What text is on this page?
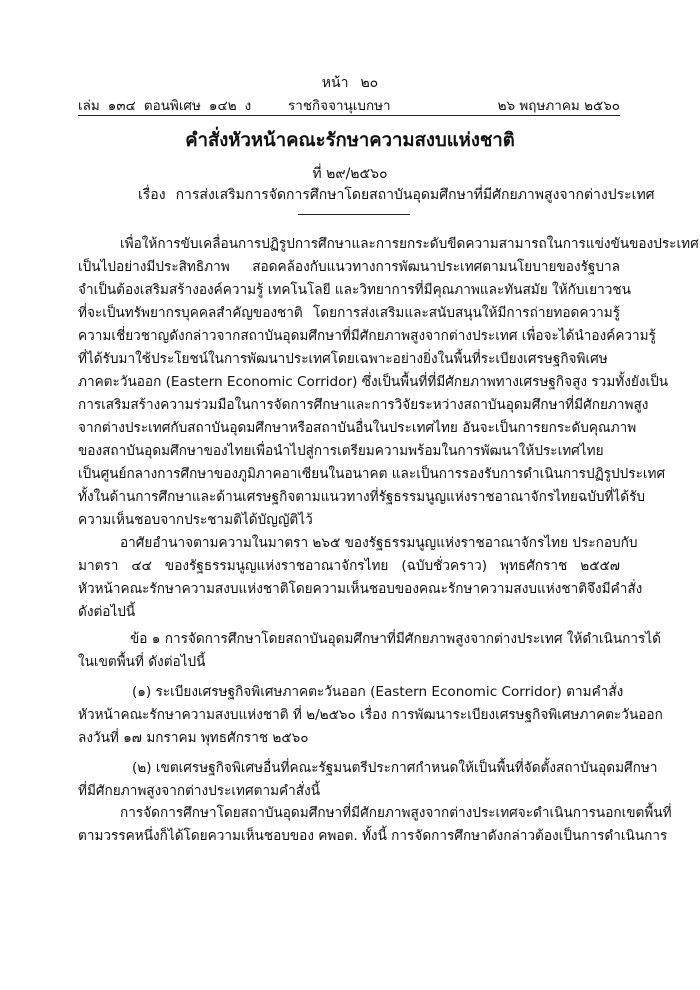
หน้า ๒๐
เล่ม ๑๓๔ ตอนพิเศษ ๑๔๒ ง	ราชกิจจานุเบกษา	๒๖ พฤษภาคม ๒๕๖๐
คำสั่งหัวหน้าคณะรักษาความสงบแห่งชาติ
ที่ ๒๙/๒๕๖๐
เรื่อง การส่งเสริมการจัดการศึกษาโดยสถาบันอุดมศึกษาที่มีศักยภาพสูงจากต่างประเทศ
เพื่อให้การขับเคลื่อนการปฏิรูปการศึกษาและการยกระดับขีดความสามารถในการแข่งขันของประเทศ
เป็นไปอย่างมีประสิทธิภาพ สอดคล้องกับแนวทางการพัฒนาประเทศตามนโยบายของรัฐบาล
จำเป็นต้องเสริมสร้างองค์ความรู้ เทคโนโลยี และวิทยาการที่มีคุณภาพและทันสมัย ให้กับเยาวชน
ที่จะเป็นทรัพยากรบุคคลสำคัญของชาติ โดยการส่งเสริมและสนับสนุนให้มีการถ่ายทอดความรู้
ความเชี่ยวชาญดังกล่าวจากสถาบันอุดมศึกษาที่มีศักยภาพสูงจากต่างประเทศ เพื่อจะได้นำองค์ความรู้
ที่ได้รับมาใช้ประโยชน์ในการพัฒนาประเทศโดยเฉพาะอย่างยิ่งในพื้นที่ระเบียงเศรษฐกิจพิเศษ
ภาคตะวันออก (Eastern Economic Corridor) ซึ่งเป็นพื้นที่ที่มีศักยภาพทางเศรษฐกิจสูง รวมทั้งยังเป็น
การเสริมสร้างความร่วมมือในการจัดการศึกษาและการวิจัยระหว่างสถาบันอุดมศึกษาที่มีศักยภาพสูง
จากต่างประเทศกับสถาบันอุดมศึกษาหรือสถาบันอื่นในประเทศไทย อันจะเป็นการยกระดับคุณภาพ
ของสถาบันอุดมศึกษาของไทยเพื่อนำไปสู่การเตรียมความพร้อมในการพัฒนาให้ประเทศไทย
เป็นศูนย์กลางการศึกษาของภูมิภาคอาเซียนในอนาคต และเป็นการรองรับการดำเนินการปฏิรูปประเทศ
ทั้งในด้านการศึกษาและด้านเศรษฐกิจตามแนวทางที่รัฐธรรมนูญแห่งราชอาณาจักรไทยฉบับที่ได้รับ
ความเห็นชอบจากประชามติได้บัญญัติไว้
อาศัยอำนาจตามความในมาตรา ๒๖๕ ของรัฐธรรมนูญแห่งราชอาณาจักรไทย ประกอบกับ
มาตรา ๔๔ ของรัฐธรรมนูญแห่งราชอาณาจักรไทย (ฉบับชั่วคราว) พุทธศักราช ๒๕๕๗
หัวหน้าคณะรักษาความสงบแห่งชาติโดยความเห็นชอบของคณะรักษาความสงบแห่งชาติจึงมีคำสั่ง
ดังต่อไปนี้
ข้อ ๑ การจัดการศึกษาโดยสถาบันอุดมศึกษาที่มีศักยภาพสูงจากต่างประเทศ ให้ดำเนินการได้
ในเขตพื้นที่ ดังต่อไปนี้
(๑) ระเบียงเศรษฐกิจพิเศษภาคตะวันออก (Eastern Economic Corridor) ตามคำสั่ง
หัวหน้าคณะรักษาความสงบแห่งชาติ ที่ ๒/๒๕๖๐ เรื่อง การพัฒนาระเบียงเศรษฐกิจพิเศษภาคตะวันออก
ลงวันที่ ๑๗ มกราคม พุทธศักราช ๒๕๖๐
(๒) เขตเศรษฐกิจพิเศษอื่นที่คณะรัฐมนตรีประกาศกำหนดให้เป็นพื้นที่จัดตั้งสถาบันอุดมศึกษา
ที่มีศักยภาพสูงจากต่างประเทศตามคำสั่งนี้
การจัดการศึกษาโดยสถาบันอุดมศึกษาที่มีศักยภาพสูงจากต่างประเทศจะดำเนินการนอกเขตพื้นที่
ตามวรรคหนึ่งก็ได้โดยความเห็นชอบของ คพอต. ทั้งนี้ การจัดการศึกษาดังกล่าวต้องเป็นการดำเนินการ
